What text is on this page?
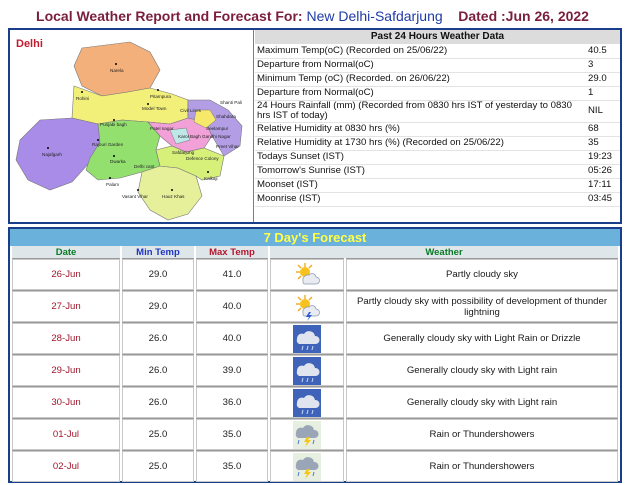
Local Weather Report and Forecast For: New Delhi-Safdarjung Dated :Jun 26, 2022
Delhi
Narela
Rohini	Pitampura
Model Town	Civil Lines
Shahdara
Punjabi bagh
Rajouri Garden
Patel nagar
Karol Bagh
Seelampur
Gandhi Nagar
Preet Vihar
Najafgarh
Dwarka
Palam
Delhi cant
Vasant Vihar
Safdarjung
Defence Colony
Kalkaji
Hauz Khas
Shanti Pali
Past 24 Hours Weather Data
Maximum Temp(oC) (Recorded on 25/06/22)	40.5
Departure from Normal(oC)	3
Minimum Temp (oC) (Recorded. on 26/06/22)	29.0
Departure from Normal(oC)	1
24 Hours Rainfall (mm) (Recorded from 0830 hrs IST of yesterday to 0830 hrs IST of today)	NIL
Relative Humidity at 0830 hrs (%)	68
Relative Humidity at 1730 hrs (%) (Recorded on 25/06/22)	35
Todays Sunset (IST)	19:23
Tomorrow's Sunrise (IST)	05:26
Moonset (IST)	17:11
Moonrise (IST)	03:45
7 Day's Forecast
Date	Min Temp	Max Temp	Weather	
26-Jun	29.0	41.0		Partly cloudy sky
27-Jun	29.0	40.0		Partly cloudy sky with possibility of development of thunder lightning
28-Jun	26.0	40.0		Generally cloudy sky with Light Rain or Drizzle
29-Jun	26.0	39.0		Generally cloudy sky with Light rain
30-Jun	26.0	36.0		Generally cloudy sky with Light rain
01-Jul	25.0	35.0		Rain or Thundershowers
02-Jul	25.0	35.0		Rain or Thundershowers
